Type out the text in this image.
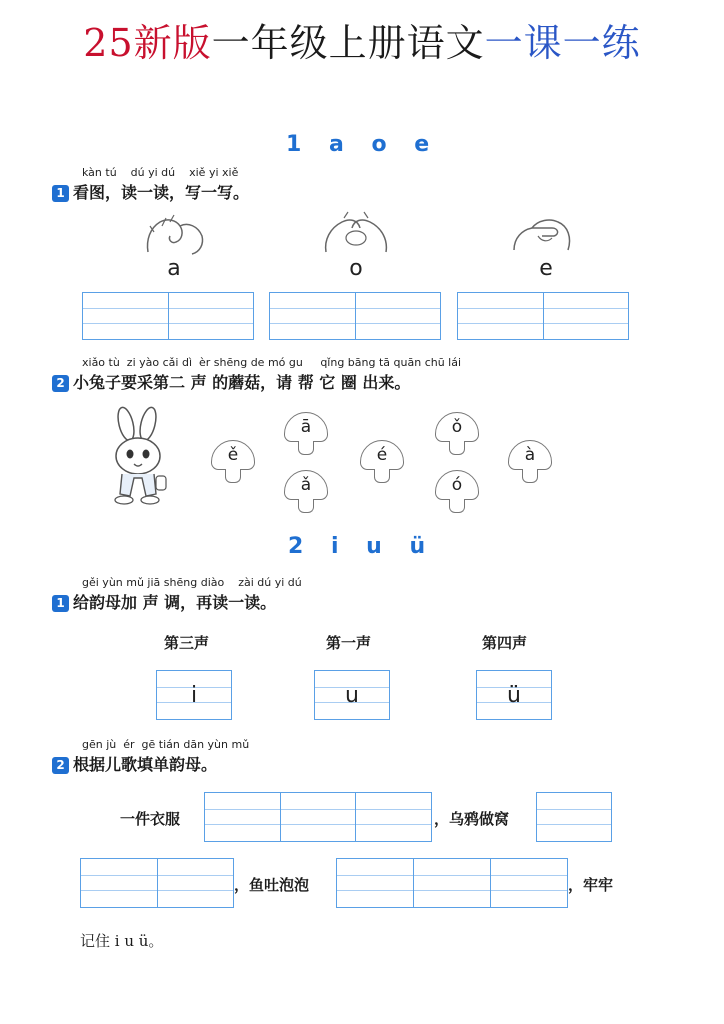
25新版一年级上册语文一课一练
1 a o e
kàn tú    dú yi dú    xiě yi xiě
1 看图，读一读，写一写。
a	o	e
xiǎo tù  zi yào cǎi dì  èr shēng de mó gu     qǐng bāng tā quān chū lái
2 小兔子要采第二 声 的蘑菇，请 帮 它 圈 出来。
ě
ā
ǎ
é
ǒ
ó
à
2 i u ü
gěi yùn mǔ jiā shēng diào    zài dú yi dú
1 给韵母加 声 调，再读一读。
第三声	第一声	第四声
i	u	ü
gēn jù  ér  gē tián dān yùn mǔ
2 根据儿歌填单韵母。
一件衣服	，乌鸦做窝
，鱼吐泡泡	，牢牢
记住 i u ü。
